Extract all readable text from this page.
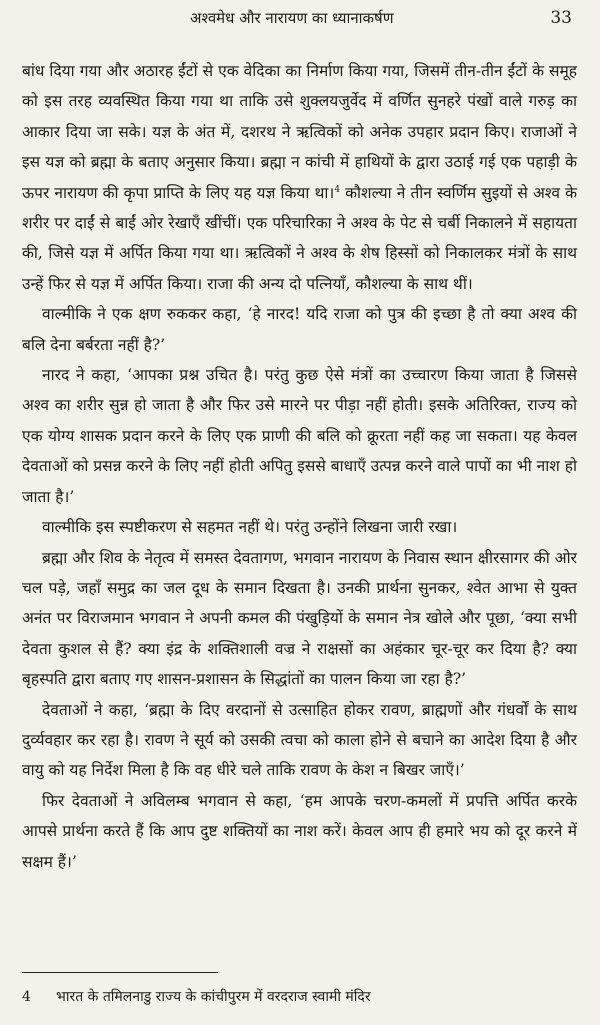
अश्वमेध और नारायण का ध्यानाकर्षण	33

बांध दिया गया और अठारह ईंटों से एक वेदिका का निर्माण किया गया, जिसमें तीन-तीन ईंटों के समूह को इस तरह व्यवस्थित किया गया था ताकि उसे शुक्लयजुर्वेद में वर्णित सुनहरे पंखों वाले गरुड़ का आकार दिया जा सके। यज्ञ के अंत में, दशरथ ने ऋत्विकों को अनेक उपहार प्रदान किए। राजाओं ने इस यज्ञ को ब्रह्मा के बताए अनुसार किया। ब्रह्मा न कांची में हाथियों के द्वारा उठाई गई एक पहाड़ी के ऊपर नारायण की कृपा प्राप्ति के लिए यह यज्ञ किया था।$^4$ कौशल्या ने तीन स्वर्णिम सुइयों से अश्व के शरीर पर दाईं से बाईं ओर रेखाएँ खींचीं। एक परिचारिका ने अश्व के पेट से चर्बी निकालने में सहायता की, जिसे यज्ञ में अर्पित किया गया था। ऋत्विकों ने अश्व के शेष हिस्सों को निकालकर मंत्रों के साथ उन्हें फिर से यज्ञ में अर्पित किया। राजा की अन्य दो पत्नियाँ, कौशल्या के साथ थीं।

वाल्मीकि ने एक क्षण रुककर कहा, ‘हे नारद! यदि राजा को पुत्र की इच्छा है तो क्या अश्व की बलि देना बर्बरता नहीं है?’

नारद ने कहा, ‘आपका प्रश्न उचित है। परंतु कुछ ऐसे मंत्रों का उच्चारण किया जाता है जिससे अश्व का शरीर सुन्न हो जाता है और फिर उसे मारने पर पीड़ा नहीं होती। इसके अतिरिक्त, राज्य को एक योग्य शासक प्रदान करने के लिए एक प्राणी की बलि को क्रूरता नहीं कह जा सकता। यह केवल देवताओं को प्रसन्न करने के लिए नहीं होती अपितु इससे बाधाएँ उत्पन्न करने वाले पापों का भी नाश हो जाता है।’

वाल्मीकि इस स्पष्टीकरण से सहमत नहीं थे। परंतु उन्होंने लिखना जारी रखा।

ब्रह्मा और शिव के नेतृत्व में समस्त देवतागण, भगवान नारायण के निवास स्थान क्षीरसागर की ओर चल पड़े, जहाँ समुद्र का जल दूध के समान दिखता है। उनकी प्रार्थना सुनकर, श्वेत आभा से युक्त अनंत पर विराजमान भगवान ने अपनी कमल की पंखुड़ियों के समान नेत्र खोले और पूछा, ‘क्या सभी देवता कुशल से हैं? क्या इंद्र के शक्तिशाली वज्र ने राक्षसों का अहंकार चूर-चूर कर दिया है? क्या बृहस्पति द्वारा बताए गए शासन-प्रशासन के सिद्धांतों का पालन किया जा रहा है?’

देवताओं ने कहा, ‘ब्रह्मा के दिए वरदानों से उत्साहित होकर रावण, ब्राह्मणों और गंधर्वों के साथ दुर्व्यवहार कर रहा है। रावण ने सूर्य को उसकी त्वचा को काला होने से बचाने का आदेश दिया है और वायु को यह निर्देश मिला है कि वह धीरे चले ताकि रावण के केश न बिखर जाएँ।’

फिर देवताओं ने अविलम्ब भगवान से कहा, ‘हम आपके चरण-कमलों में प्रपत्ति अर्पित करके आपसे प्रार्थना करते हैं कि आप दुष्ट शक्तियों का नाश करें। केवल आप ही हमारे भय को दूर करने में सक्षम हैं।’

4 भारत के तमिलनाडु राज्य के कांचीपुरम में वरदराज स्वामी मंदिर
